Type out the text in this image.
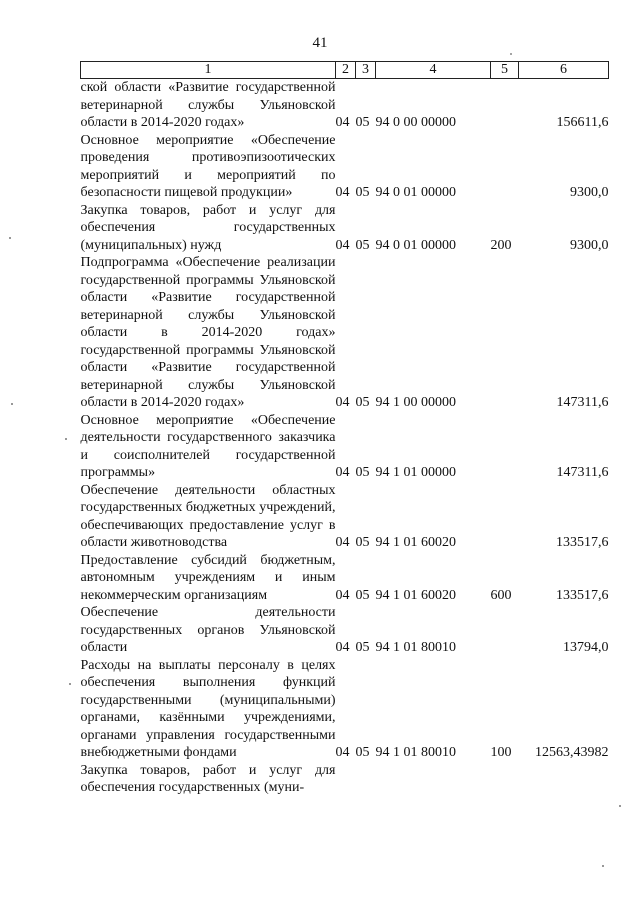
41
1	2	3	4	5	6
ской области «Развитие государственной ветеринарной службы Ульяновской области в 2014-2020 годах»	04	05	94 0 00 00000		156611,6
Основное мероприятие «Обеспечение проведения противоэпизоотических мероприятий и мероприятий по безопасности пищевой продукции»	04	05	94 0 01 00000		9300,0
Закупка товаров, работ и услуг для обеспечения государственных (муниципальных) нужд	04	05	94 0 01 00000	200	9300,0
Подпрограмма «Обеспечение реализации государственной программы Ульяновской области «Развитие государственной ветеринарной службы Ульяновской области в 2014-2020 годах» государственной программы Ульяновской области «Развитие государственной ветеринарной службы Ульяновской области в 2014-2020 годах»	04	05	94 1 00 00000		147311,6
Основное мероприятие «Обеспечение деятельности государственного заказчика и соисполнителей государственной программы»	04	05	94 1 01 00000		147311,6
Обеспечение деятельности областных государственных бюджетных учреждений, обеспечивающих предоставление услуг в области животноводства	04	05	94 1 01 60020		133517,6
Предоставление субсидий бюджетным, автономным учреждениям и иным некоммерческим организациям	04	05	94 1 01 60020	600	133517,6
Обеспечение деятельности государственных органов Ульяновской области	04	05	94 1 01 80010		13794,0
Расходы на выплаты персоналу в целях обеспечения выполнения функций государственными (муниципальными) органами, казёнными учреждениями, органами управления государственными внебюджетными фондами	04	05	94 1 01 80010	100	12563,43982
Закупка товаров, работ и услуг для обеспечения государственных (муни-					
